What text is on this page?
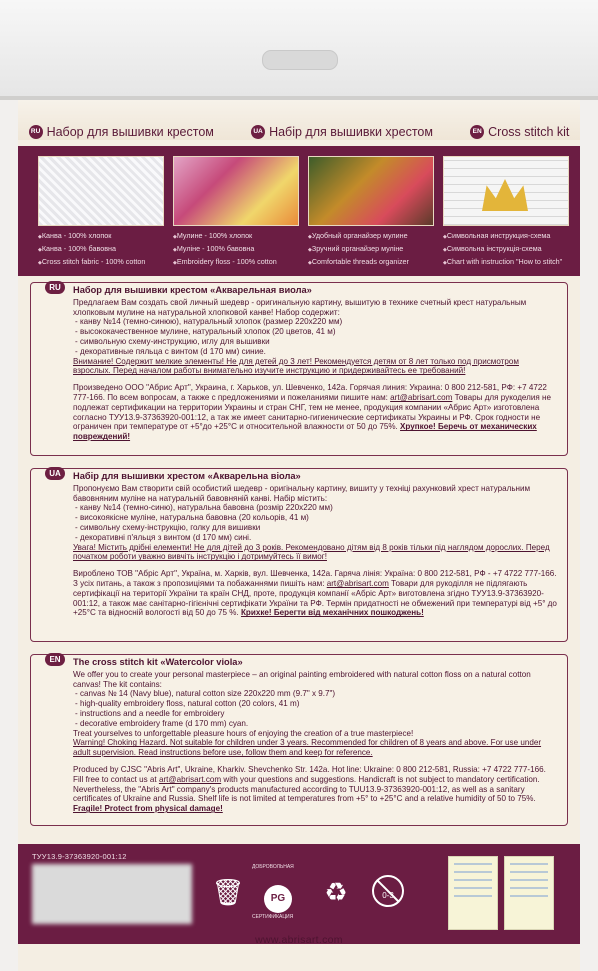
RU Набор для вышивки крестом	UA Набір для вышивки хрестом	EN Cross stitch kit
◆ Канва - 100% хлопок
◆ Канва - 100% бавовна
◆ Cross stitch fabric - 100% cotton
◆ Мулине - 100% хлопок
◆ Мулiне - 100% бавовна
◆ Embroidery floss - 100% cotton
◆ Удобный органайзер мулине
◆ Зручний органайзер мулiне
◆ Comfortable threads organizer
◆ Символьная инструкция-схема
◆ Символьна iнструкцiя-схема
◆ Chart with instruction "How to stitch"
RU	Набор для вышивки крестом «Акварельная виола»
Предлагаем Вам создать свой личный шедевр - оригинальную картину, вышитую в технике счетный крест натуральным хлопковым мулине на натуральной хлопковой канве! Набор содержит:
- канву №14 (темно-синюю), натуральный хлопок (размер 220х220 мм)
- высококачественное мулине, натуральный хлопок (20 цветов, 41 м)
- символьную схему-инструкцию, иглу для вышивки
- декоративные пяльца с винтом (d 170 мм) синие.
Внимание! Содержит мелкие элементы! Не для детей до 3 лет! Рекомендуется детям от 8 лет только под присмотром взрослых. Перед началом работы внимательно изучите инструкцию и придерживайтесь ее требований!
Произведено ООО "Абрис Арт", Украина, г. Харьков, ул. Шевченко, 142а. Горячая линия: Украина: 0 800 212-581, РФ: +7 4722 777-166. По всем вопросам, а также с предложениями и пожеланиями пишите нам: art@abrisart.com Товары для рукоделия не подлежат сертификации на территории Украины и стран СНГ, тем не менее, продукция компании «Абрис Арт» изготовлена согласно ТУУ13.9-37363920-001:12, а так же имеет санитарно-гигиенические сертификаты Украины и РФ. Срок годности не ограничен при температуре от +5°до +25°С и относительной влажности от 50 до 75%. Хрупкое! Беречь от механических повреждений!
UA	Набір для вышивки хрестом «Акварельна віола»
Пропонуємо Вам створити свій особистий шедевр - оригінальну картину, вишиту у техніці рахунковий хрест натуральним бавовняним муліне на натуральній бавовняній канві. Набір містить:
- канву №14 (темно-синю), натуральна бавовна (розмір 220х220 мм)
- високоякісне муліне, натуральна бавовна (20 кольорів, 41 м)
- символьну схему-інструкцію, голку для вишивки
- декоративні п'яльця з винтом (d 170 мм) сині.
Увага! Містить дрібні елементи! Не для дітей до 3 років. Рекомендовано дітям від 8 років тільки під наглядом дорослих. Перед початком роботи уважно вивчіть інструкцію і дотримуйтесь її вимог!
Виробленo ТОВ "Абріс Арт", Україна, м. Харків, вул. Шевченка, 142а. Гаряча лінія: Україна: 0 800 212-581, РФ - +7 4722 777-166. З усіх питань, а також з пропозиціями та побажаннями пишіть нам: art@abrisart.com Товари для рукоділля не підлягають сертифікації на території України та країн СНД, проте, продукція компанії «Абріс Арт» виготовлена згідно ТУУ13.9-37363920-001:12, а також має санітарно-гігієнічні сертифікати України та РФ. Термін придатності не обмежений при температурі від +5° до +25°С та відносній вологості від 50 до 75 %. Крихке! Берегти від механічних пошкоджень!
EN	The cross stitch kit «Watercolor viola»
We offer you to create your personal masterpiece – an original painting embroidered with natural cotton floss on a natural cotton canvas! The kit contains:
- canvas № 14 (Navy blue), natural cotton size 220x220 mm (9.7" x 9.7")
- high-quality embroidery floss, natural cotton (20 colors, 41 m)
- instructions and a needle for embroidery
- decorative embroidery frame (d 170 mm) cyan.
Treat yourselves to unforgettable pleasure hours of enjoying the creation of a true masterpiece!
Warning! Choking Hazard. Not suitable for children under 3 years. Recommended for children of 8 years and above. For use under adult supervision. Read instructions before use, follow them and keep for reference.
Produced by CJSC "Abris Art", Ukraine, Kharkiv. Shevchenko Str. 142a. Hot line: Ukraine: 0 800 212-581, Russia: +7 4722 777-166. Fill free to contact us at art@abrisart.com with your questions and suggestions. Handicraft is not subject to mandatory certification. Nevertheless, the "Abris Art" company's products manufactured according to TUU13.9-37363920-001:12, as well as a sanitary certificates of Ukraine and Russia. Shelf life is not limited at temperatures from +5° to +25°C and a relative humidity of 50 to 75%. Fragile! Protect from physical damage!
ТУУ13.9-37363920-001:12
🗑
ДОБРОВОЛЬНАЯ
PG
СЕРТИФИКАЦИЯ
♻	0-3
www.abrisart.com
